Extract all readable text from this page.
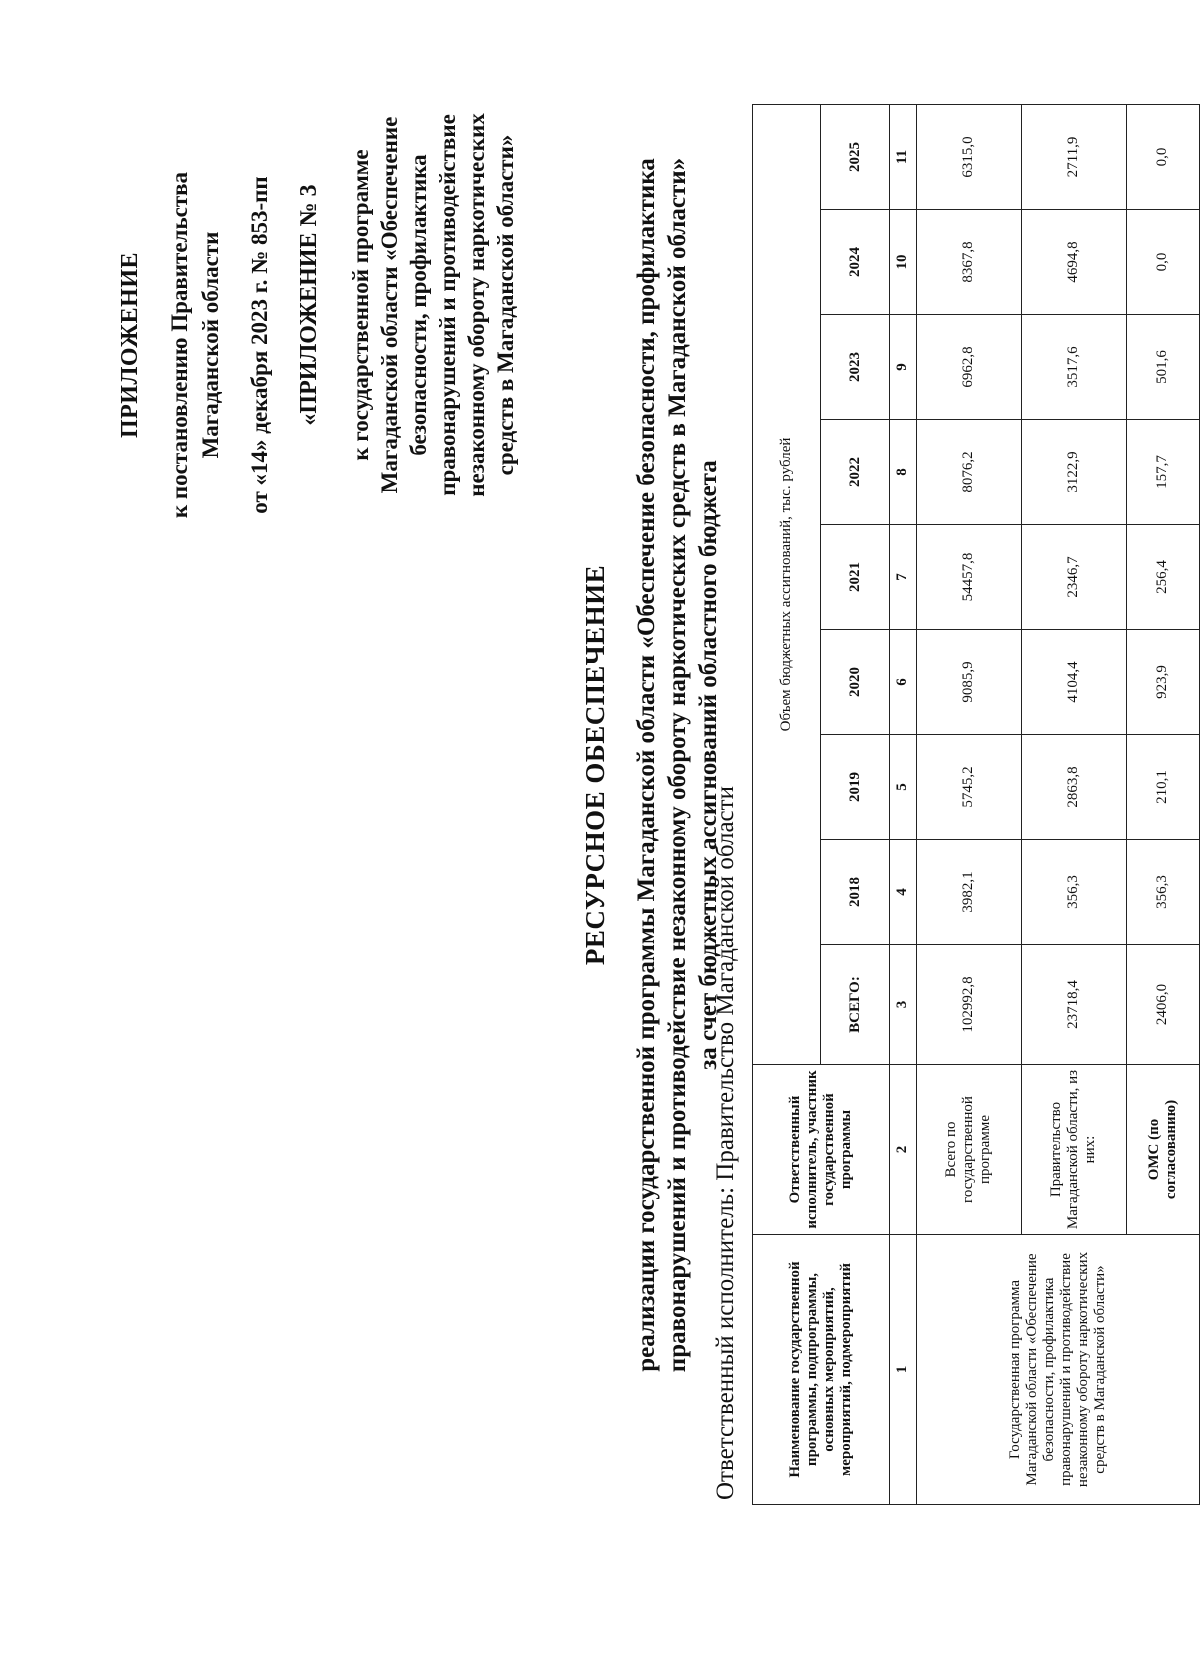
ПРИЛОЖЕНИЕ к постановлению Правительства Магаданской области от «14» декабря 2023 г. № 853-пп «ПРИЛОЖЕНИЕ № 3 к государственной программе Магаданской области «Обеспечение безопасности, профилактика правонарушений и противодействие незаконному обороту наркотических средств в Магаданской области»
РЕСУРСНОЕ ОБЕСПЕЧЕНИЕ реализации государственной программы Магаданской области «Обеспечение безопасности, профилактика правонарушений и противодействие незаконному обороту наркотических средств в Магаданской области» за счет бюджетных ассигнований областного бюджета
Ответственный исполнитель: Правительство Магаданской области	Наименование государственной программы, подпрограммы, основных мероприятий, мероприятий, подмероприятий	Ответственный исполнитель, участник государственной программы	Объем бюджетных ассигнований, тыс. рублей								
		ВСЕГО:	2018	2019	2020	2021	2022	2023	2024	2025
1	2	3	4	5	6	7	8	9	10	11
Государственная программа Магаданской области «Обеспечение безопасности, профилактика правонарушений и противодействие незаконному обороту наркотических средств в Магаданской области»	Всего по государственной программе	102992,8	3982,1	5745,2	9085,9	54457,8	8076,2	6962,8	8367,8	6315,0
	Правительство Магаданской области, из них:	23718,4	356,3	2863,8	4104,4	2346,7	3122,9	3517,6	4694,8	2711,9
	ОМС (по согласованию)	2406,0	356,3	210,1	923,9	256,4	157,7	501,6	0,0	0,0
